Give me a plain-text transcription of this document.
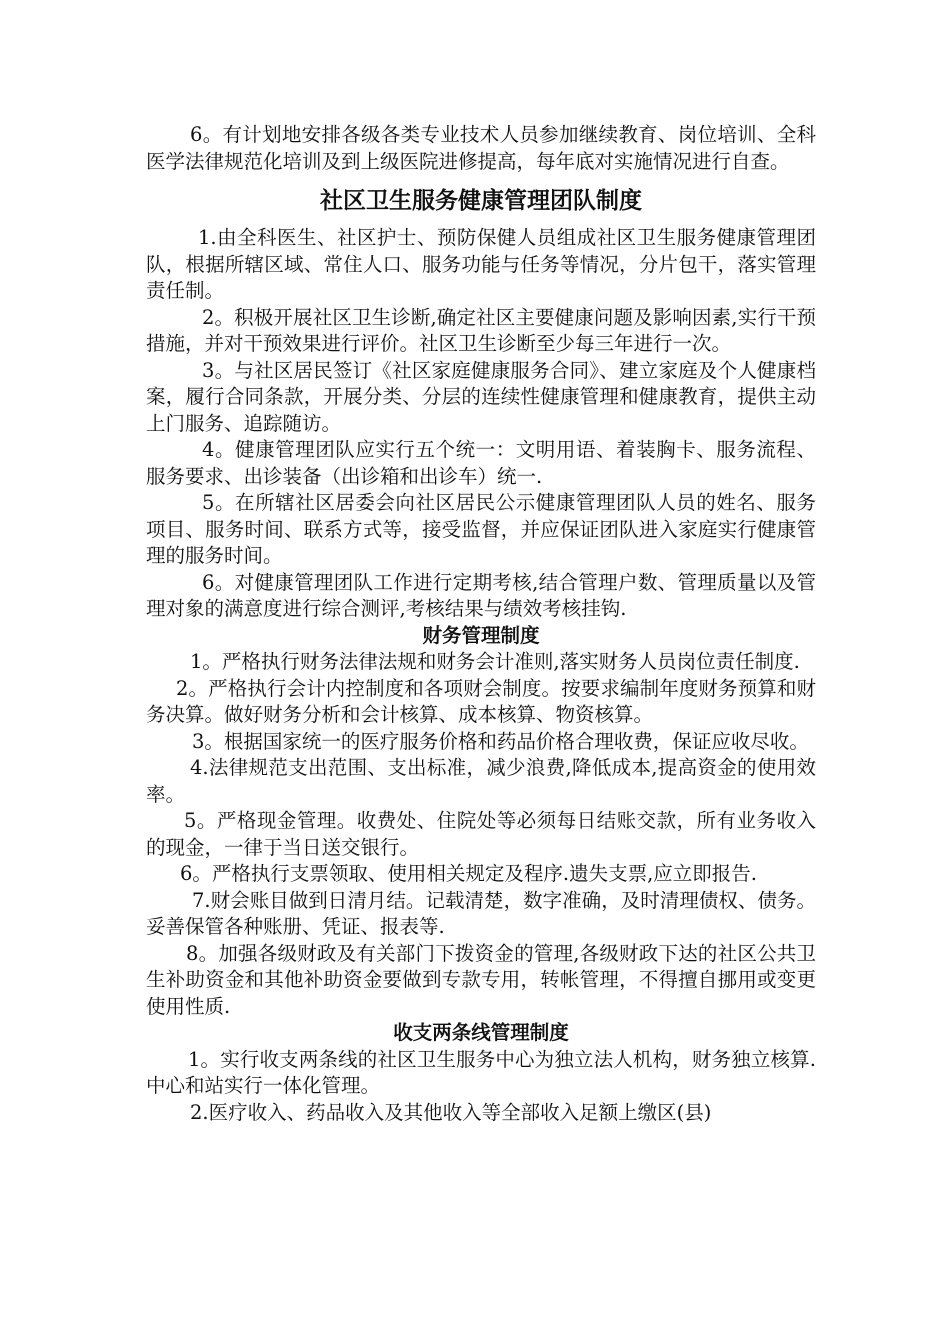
6。有计划地安排各级各类专业技术人员参加继续教育、岗位培训、全科医学法律规范化培训及到上级医院进修提高，每年底对实施情况进行自查。

社区卫生服务健康管理团队制度

1.由全科医生、社区护士、预防保健人员组成社区卫生服务健康管理团队，根据所辖区域、常住人口、服务功能与任务等情况，分片包干，落实管理责任制。

2。积极开展社区卫生诊断,确定社区主要健康问题及影响因素,实行干预措施，并对干预效果进行评价。社区卫生诊断至少每三年进行一次。

3。与社区居民签订《社区家庭健康服务合同》、建立家庭及个人健康档案，履行合同条款，开展分类、分层的连续性健康管理和健康教育，提供主动上门服务、追踪随访。

4。健康管理团队应实行五个统一：文明用语、着装胸卡、服务流程、服务要求、出诊装备（出诊箱和出诊车）统一.

5。在所辖社区居委会向社区居民公示健康管理团队人员的姓名、服务项目、服务时间、联系方式等，接受监督，并应保证团队进入家庭实行健康管理的服务时间。

6。对健康管理团队工作进行定期考核,结合管理户数、管理质量以及管理对象的满意度进行综合测评,考核结果与绩效考核挂钩.

财务管理制度

1。严格执行财务法律法规和财务会计准则,落实财务人员岗位责任制度.

2。严格执行会计内控制度和各项财会制度。按要求编制年度财务预算和财务决算。做好财务分析和会计核算、成本核算、物资核算。

3。根据国家统一的医疗服务价格和药品价格合理收费，保证应收尽收。

4.法律规范支出范围、支出标准，减少浪费,降低成本,提高资金的使用效率。

5。严格现金管理。收费处、住院处等必须每日结账交款，所有业务收入的现金，一律于当日送交银行。

6。严格执行支票领取、使用相关规定及程序.遗失支票,应立即报告.

7.财会账目做到日清月结。记载清楚，数字准确，及时清理债权、债务。妥善保管各种账册、凭证、报表等.

8。加强各级财政及有关部门下拨资金的管理,各级财政下达的社区公共卫生补助资金和其他补助资金要做到专款专用，转帐管理，不得擅自挪用或变更使用性质.

收支两条线管理制度

1。实行收支两条线的社区卫生服务中心为独立法人机构，财务独立核算.中心和站实行一体化管理。

2.医疗收入、药品收入及其他收入等全部收入足额上缴区(县)
